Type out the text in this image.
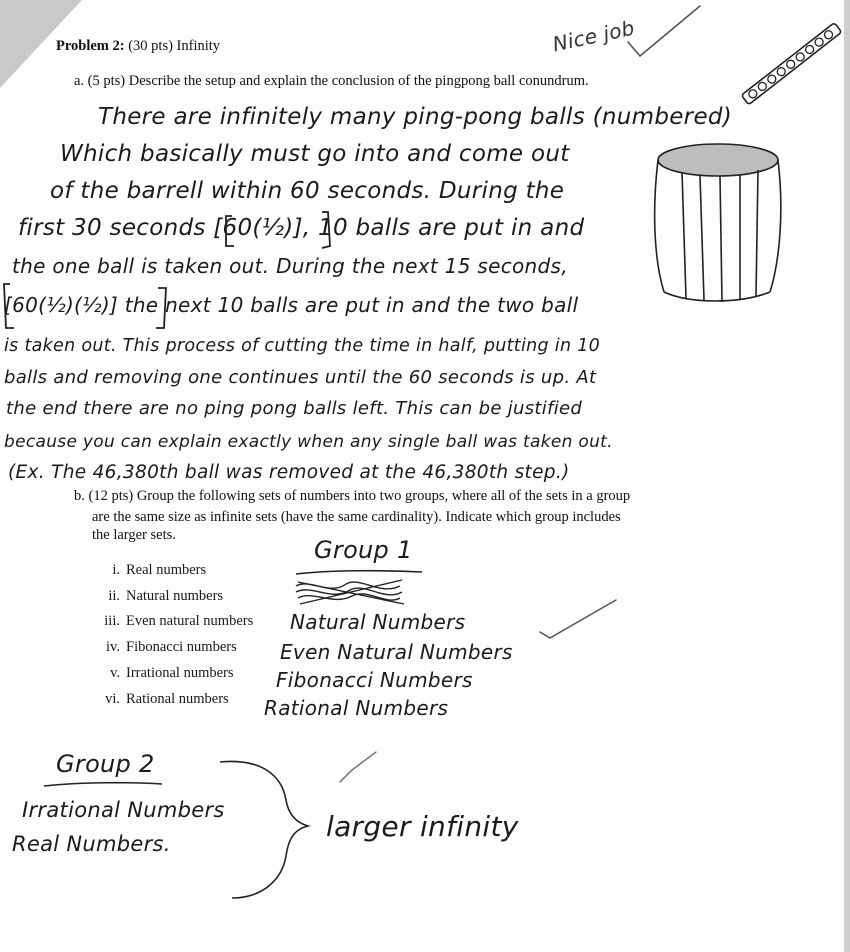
Problem 2: (30 pts) Infinity	Nice job
a. (5 pts) Describe the setup and explain the conclusion of the pingpong ball conundrum.
There are infinitely many ping-pong balls (numbered)
Which basically must go into and come out
of the barrell within 60 seconds. During the
first 30 seconds [60(½)], 10 balls are put in and
the one ball is taken out. During the next 15 seconds,
[60(½)(½)] the next 10 balls are put in and the two ball
is taken out. This process of cutting the time in half, putting in 10
balls and removing one continues until the 60 seconds is up. At
the end there are no ping pong balls left. This can be justified
because you can explain exactly when any single ball was taken out.
(Ex. The 46,380th ball was removed at the 46,380th step.)
b. (12 pts) Group the following sets of numbers into two groups, where all of the sets in a group
are the same size as infinite sets (have the same cardinality). Indicate which group includes
the larger sets.
i. Real numbers
ii. Natural numbers
iii. Even natural numbers
iv. Fibonacci numbers
v. Irrational numbers
vi. Rational numbers
Group 1
Natural Numbers
Even Natural Numbers
Fibonacci Numbers
Rational Numbers
Group 2
Irrational Numbers
Real Numbers.
larger infinity
